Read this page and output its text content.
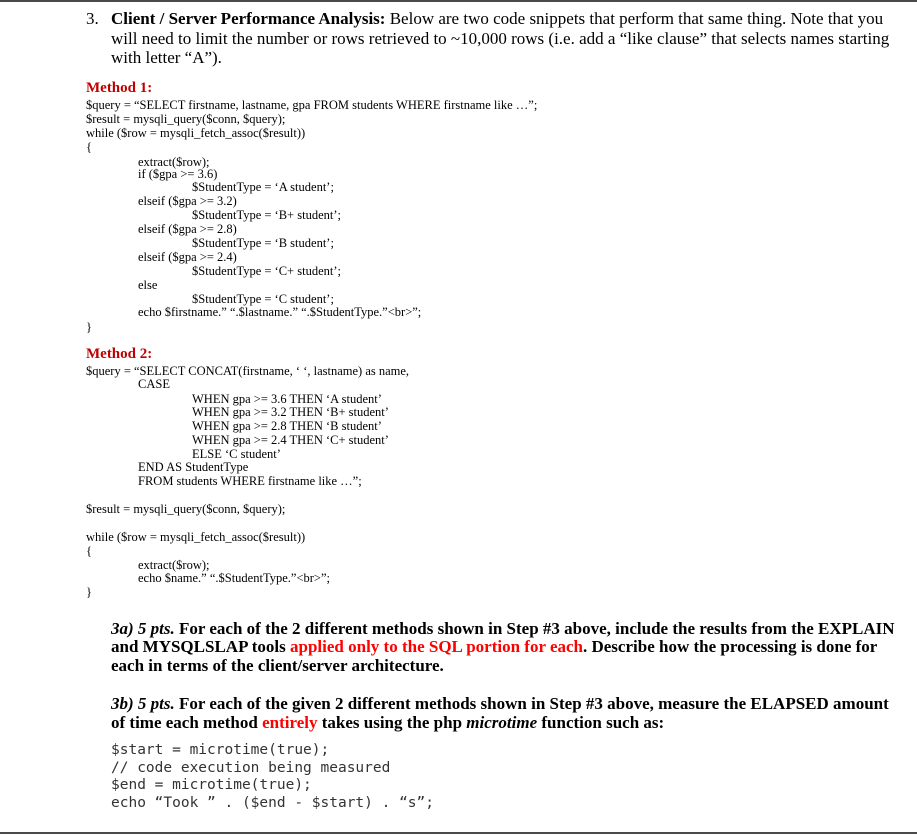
3. Client / Server Performance Analysis: Below are two code snippets that perform that same thing. Note that you
will need to limit the number or rows retrieved to ~10,000 rows (i.e. add a “like clause” that selects names starting
with letter “A”).
Method 1:
$query = “SELECT firstname, lastname, gpa FROM students WHERE firstname like …”;
$result = mysqli_query($conn, $query);
while ($row = mysqli_fetch_assoc($result))
{
extract($row);
if ($gpa >= 3.6)
$StudentType = ‘A student’;
elseif ($gpa >= 3.2)
$StudentType = ‘B+ student’;
elseif ($gpa >= 2.8)
$StudentType = ‘B student’;
elseif ($gpa >= 2.4)
$StudentType = ‘C+ student’;
else
$StudentType = ‘C student’;
echo $firstname.” “.$lastname.” “.$StudentType.”<br>”;
}
Method 2:
$query = “SELECT CONCAT(firstname, ‘ ‘, lastname) as name,
CASE
WHEN gpa >= 3.6 THEN ‘A student’
WHEN gpa >= 3.2 THEN ‘B+ student’
WHEN gpa >= 2.8 THEN ‘B student’
WHEN gpa >= 2.4 THEN ‘C+ student’
ELSE ‘C student’
END AS StudentType
FROM students WHERE firstname like …”;
$result = mysqli_query($conn, $query);
while ($row = mysqli_fetch_assoc($result))
{
extract($row);
echo $name.” “.$StudentType.”<br>”;
}
3a) 5 pts. For each of the 2 different methods shown in Step #3 above, include the results from the EXPLAIN
and MYSQLSLAP tools applied only to the SQL portion for each. Describe how the processing is done for
each in terms of the client/server architecture.
3b) 5 pts. For each of the given 2 different methods shown in Step #3 above, measure the ELAPSED amount
of time each method entirely takes using the php microtime function such as:
$start = microtime(true);
// code execution being measured
$end = microtime(true);
echo “Took ” . ($end - $start) . “s”;
